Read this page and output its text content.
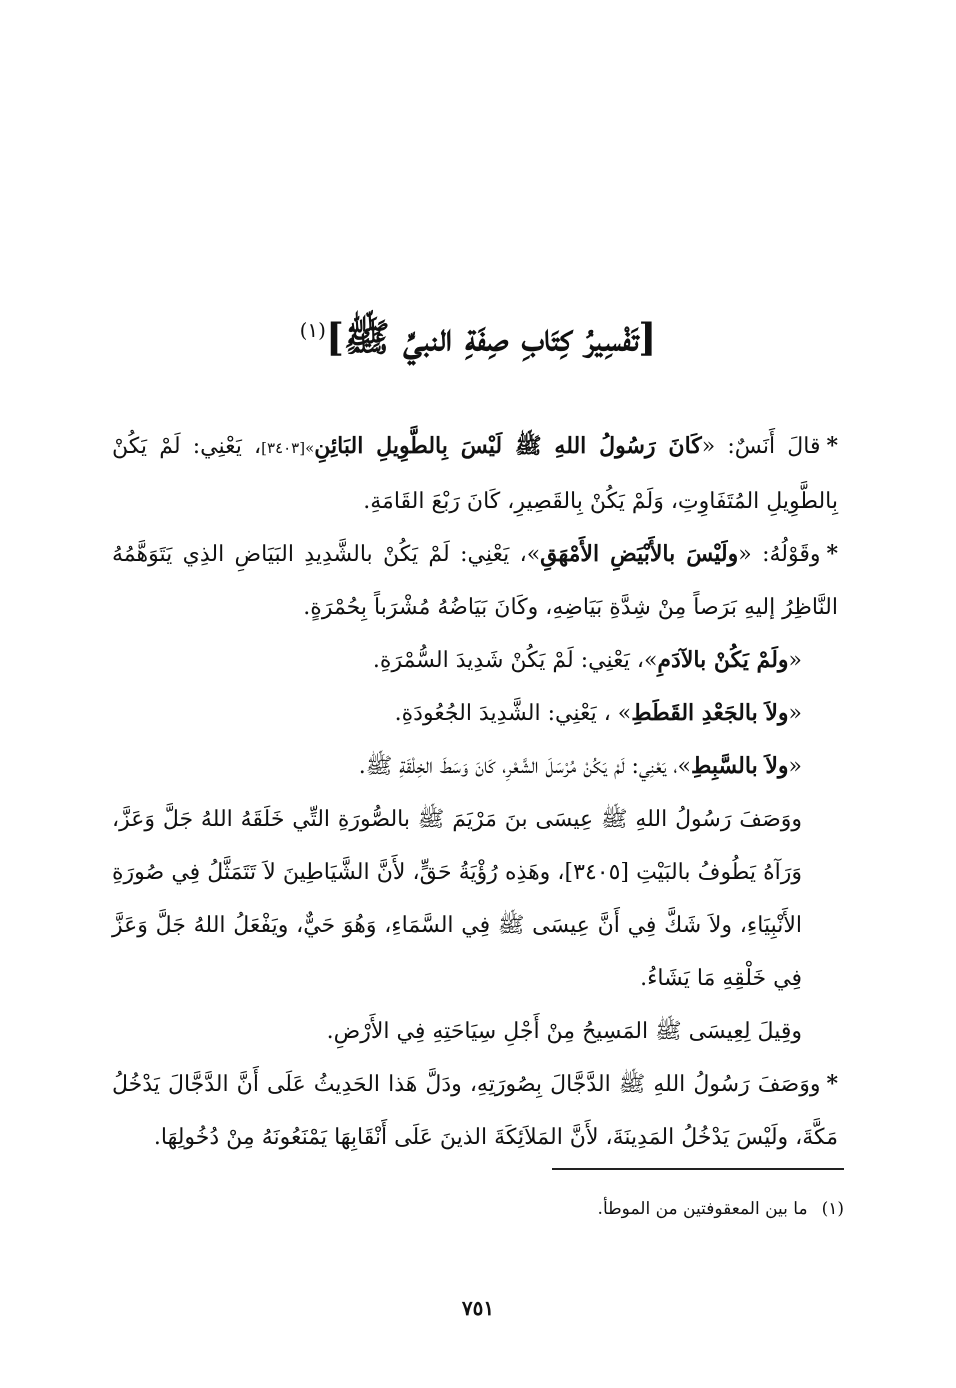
[تَفْسِيرُ كِتَابِ صِفَةِ النبيِّ ﷺ]$^{(١)}$

*قالَ أَنَسٌ: «كَانَ رَسُولُ اللهِ ﷺ لَيْسَ بِالطَّوِيلِ البَائِنِ»[٣٤٠٣]، يَعْنِي: لَمْ يَكُنْ بِالطَّوِيلِ المُتَفَاوِتِ، وَلَمْ يَكُنْ بِالقَصِيرِ، كَانَ رَبْعَ القَامَةِ.

*وقَوْلُهُ: «ولَيْسَ بالأَبْيَضِ الأَمْهَقِ»، يَعْنِي: لَمْ يَكُنْ بالشَّدِيدِ البَيَاضِ الذِي يَتَوَهَّمُهُ النَّاظِرُ إليهِ بَرَصاً مِنْ شِدَّةِ بَيَاضِهِ، وكَانَ بَيَاضُهُ مُشْرَباً بِحُمْرَةٍ.

«ولَمْ يَكُنْ بالآدَمِ»، يَعْنِي: لَمْ يَكُنْ شَدِيدَ السُّمْرَةِ.

«ولاَ بالجَعْدِ القَطَطِ» ، يَعْنِي: الشَّدِيدَ الجُعُودَةِ.

«ولاَ بالسَّبِطِ»، يَعْنِي: لَمْ يَكُنْ مُرْسَلَ الشَّعْرِ، كَانَ وَسَطَ الخِلْقَةِ ﷺ.

ووَصَفَ رَسُولُ اللهِ ﷺ عِيسَى بنَ مَرْيَمَ ﷺ بالصُّورَةِ التِّي خَلَقَهُ اللهُ جَلَّ وَعَزَّ، وَرَآهُ يَطُوفُ بالبَيْتِ [٣٤٠٥]، وهَذِه رُؤْيَةُ حَقٍّ، لأَنَّ الشَّيَاطِينَ لاَ تَتَمَثَّلُ فِي صُورَةِ الأَنْبِيَاءِ، ولاَ شَكَّ فِي أَنَّ عِيسَى ﷺ فِي السَّمَاءِ، وَهُوَ حَيٌّ، ويَفْعَلُ اللهُ جَلَّ وَعَزَّ فِي خَلْقِهِ مَا يَشَاءُ.

وقِيلَ لِعِيسَى ﷺ المَسِيحُ مِنْ أَجْلِ سِيَاحَتِهِ فِي الأَرْضِ.

*ووَصَفَ رَسُولُ اللهِ ﷺ الدَّجَّالَ بِصُورَتِهِ، ودَلَّ هَذا الحَدِيثُ عَلَى أَنَّ الدَّجَّالَ يَدْخُلُ مَكَّةَ، ولَيْسَ يَدْخُلُ المَدِينَةَ، لأَنَّ المَلاَئِكَةَ الذينَ عَلَى أَنْقَابِهَا يَمْنَعُونَهُ مِنْ دُخُولِهَا.

(١)ما بين المعقوفتين من الموطأ.
٧٥١
